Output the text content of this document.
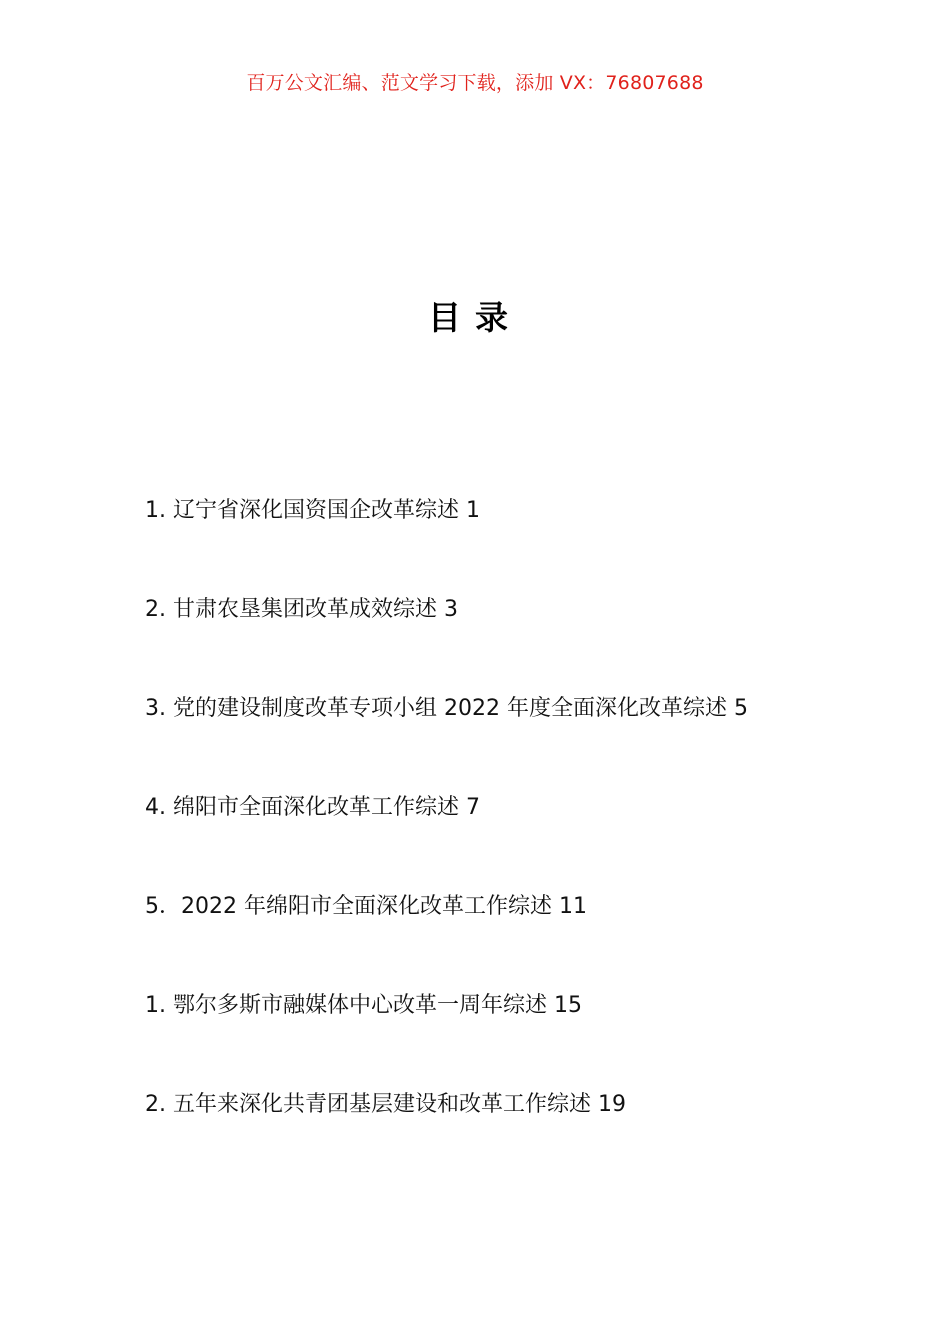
百万公文汇编、范文学习下载，添加 VX：76807688
目录
1. 辽宁省深化国资国企改革综述 1
2. 甘肃农垦集团改革成效综述 3
3. 党的建设制度改革专项小组 2022 年度全面深化改革综述 5
4. 绵阳市全面深化改革工作综述 7
5．2022 年绵阳市全面深化改革工作综述 11
1. 鄂尔多斯市融媒体中心改革一周年综述 15
2. 五年来深化共青团基层建设和改革工作综述 19
